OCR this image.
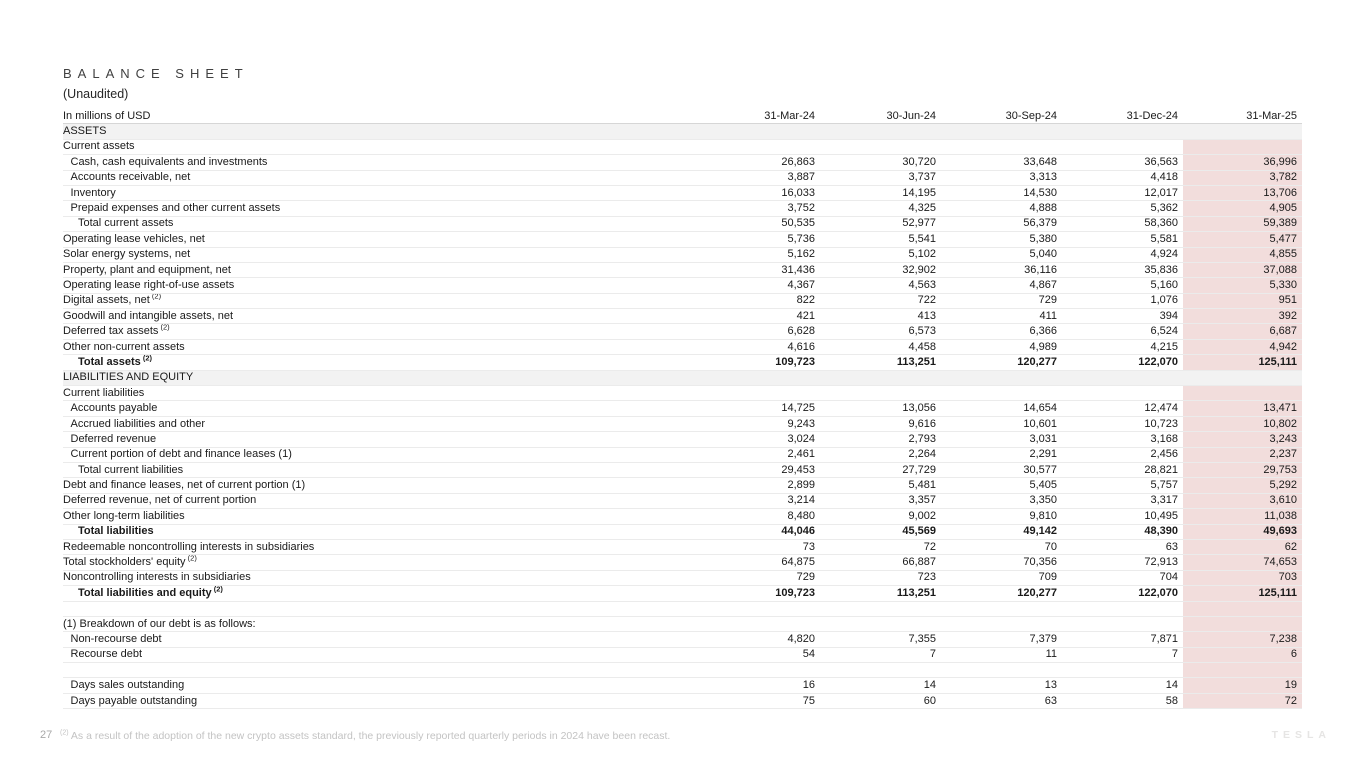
BALANCE SHEET
(Unaudited)
In millions of USD	31-Mar-24	30-Jun-24	30-Sep-24	31-Dec-24	31-Mar-25
ASSETS					
Current assets					
Cash, cash equivalents and investments	26,863	30,720	33,648	36,563	36,996
Accounts receivable, net	3,887	3,737	3,313	4,418	3,782
Inventory	16,033	14,195	14,530	12,017	13,706
Prepaid expenses and other current assets	3,752	4,325	4,888	5,362	4,905
Total current assets	50,535	52,977	56,379	58,360	59,389
Operating lease vehicles, net	5,736	5,541	5,380	5,581	5,477
Solar energy systems, net	5,162	5,102	5,040	4,924	4,855
Property, plant and equipment, net	31,436	32,902	36,116	35,836	37,088
Operating lease right-of-use assets	4,367	4,563	4,867	5,160	5,330
Digital assets, net $^{(2)}$	822	722	729	1,076	951
Goodwill and intangible assets, net	421	413	411	394	392
Deferred tax assets $^{(2)}$	6,628	6,573	6,366	6,524	6,687
Other non-current assets	4,616	4,458	4,989	4,215	4,942
Total assets $^{(2)}$	109,723	113,251	120,277	122,070	125,111
LIABILITIES AND EQUITY					
Current liabilities					
Accounts payable	14,725	13,056	14,654	12,474	13,471
Accrued liabilities and other	9,243	9,616	10,601	10,723	10,802
Deferred revenue	3,024	2,793	3,031	3,168	3,243
Current portion of debt and finance leases (1)	2,461	2,264	2,291	2,456	2,237
Total current liabilities	29,453	27,729	30,577	28,821	29,753
Debt and finance leases, net of current portion (1)	2,899	5,481	5,405	5,757	5,292
Deferred revenue, net of current portion	3,214	3,357	3,350	3,317	3,610
Other long-term liabilities	8,480	9,002	9,810	10,495	11,038
Total liabilities	44,046	45,569	49,142	48,390	49,693
Redeemable noncontrolling interests in subsidiaries	73	72	70	63	62
Total stockholders' equity $^{(2)}$	64,875	66,887	70,356	72,913	74,653
Noncontrolling interests in subsidiaries	729	723	709	704	703
Total liabilities and equity $^{(2)}$	109,723	113,251	120,277	122,070	125,111

(1) Breakdown of our debt is as follows:					
Non-recourse debt	4,820	7,355	7,379	7,871	7,238
Recourse debt	54	7	11	7	6

Days sales outstanding	16	14	13	14	19
Days payable outstanding	75	60	63	58	72
27 $^{(2)}$ As a result of the adoption of the new crypto assets standard, the previously reported quarterly periods in 2024 have been recast.	TESLA
